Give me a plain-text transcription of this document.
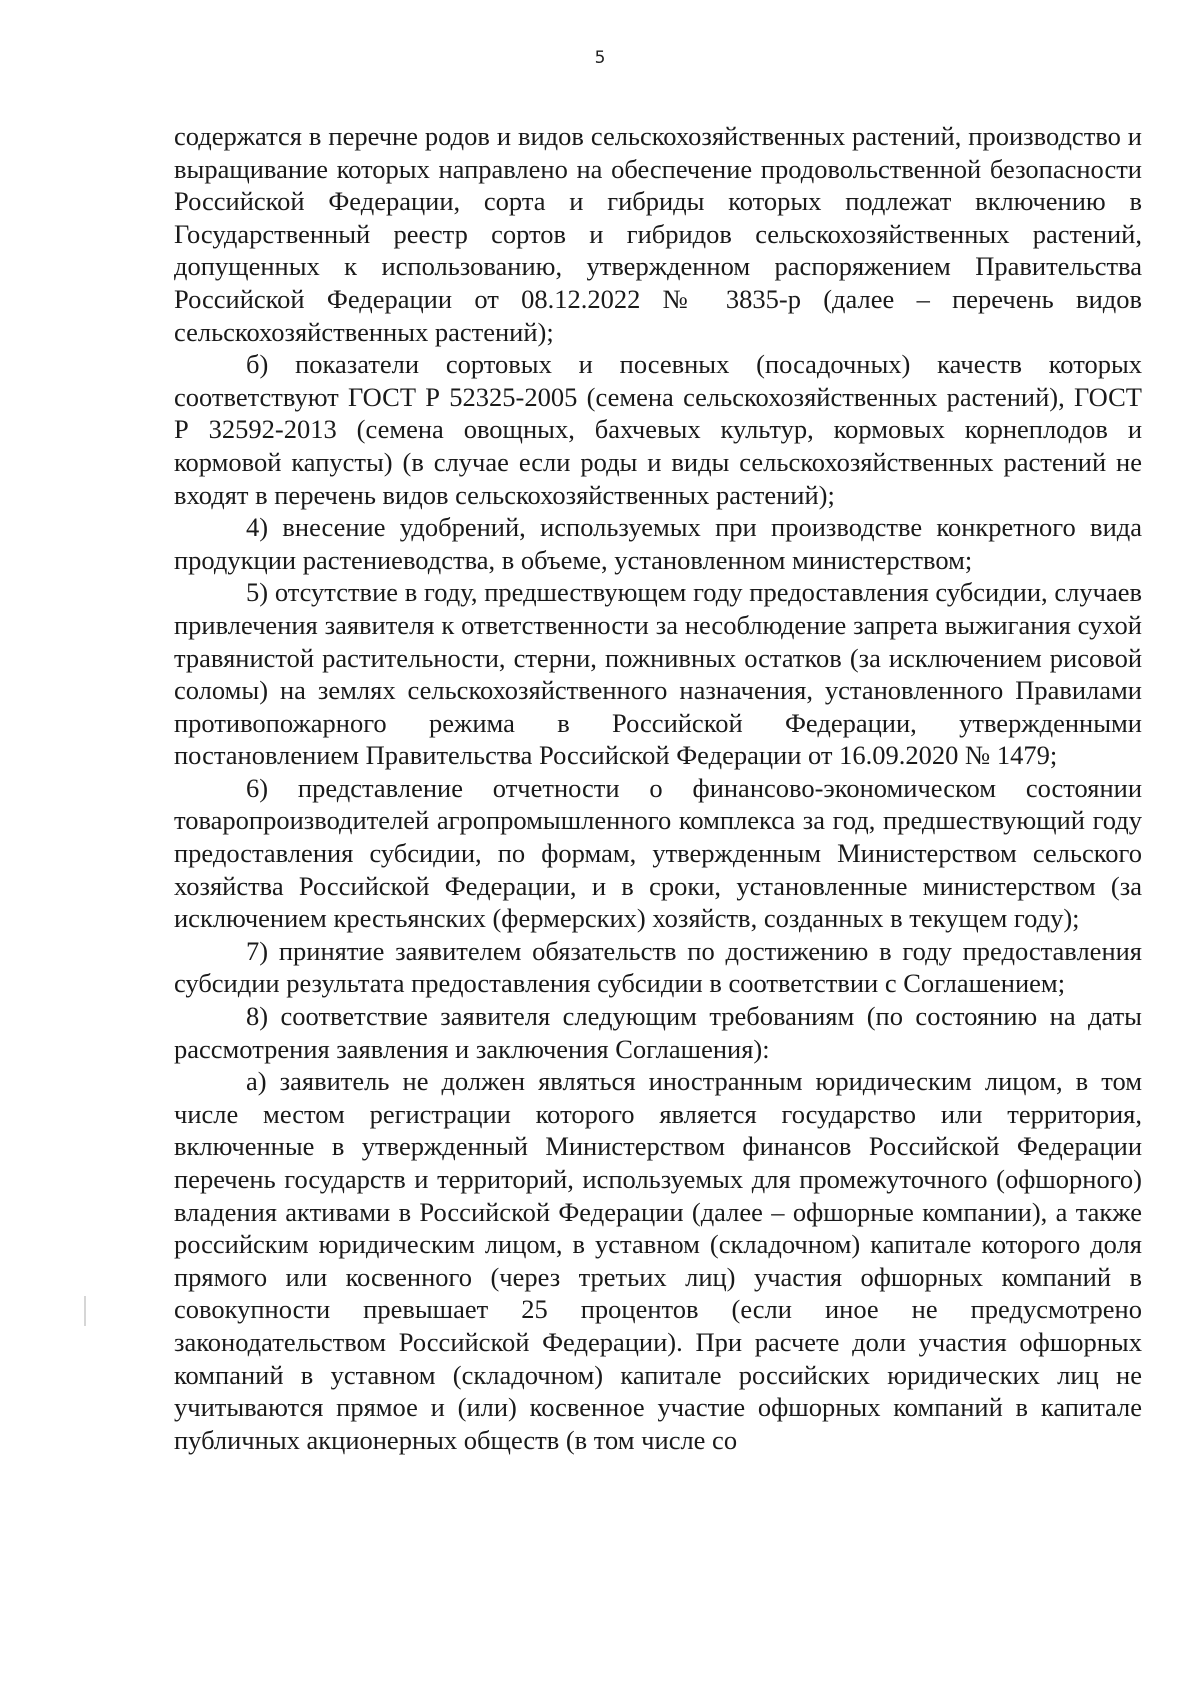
5

содержатся в перечне родов и видов сельскохозяйственных растений, производство и выращивание которых направлено на обеспечение продовольственной безопасности Российской Федерации, сорта и гибриды которых подлежат включению в Государственный реестр сортов и гибридов сельскохозяйственных растений, допущенных к использованию, утвержденном распоряжением Правительства Российской Федерации от 08.12.2022 № 3835-р (далее – перечень видов сельскохозяйственных растений);

б) показатели сортовых и посевных (посадочных) качеств которых соответствуют ГОСТ Р 52325-2005 (семена сельскохозяйственных растений), ГОСТ Р 32592-2013 (семена овощных, бахчевых культур, кормовых корнеплодов и кормовой капусты) (в случае если роды и виды сельскохозяйственных растений не входят в перечень видов сельскохозяйственных растений);

4) внесение удобрений, используемых при производстве конкретного вида продукции растениеводства, в объеме, установленном министерством;

5) отсутствие в году, предшествующем году предоставления субсидии, случаев привлечения заявителя к ответственности за несоблюдение запрета выжигания сухой травянистой растительности, стерни, пожнивных остатков (за исключением рисовой соломы) на землях сельскохозяйственного назначения, установленного Правилами противопожарного режима в Российской Федерации, утвержденными постановлением Правительства Российской Федерации от 16.09.2020 № 1479;

6) представление отчетности о финансово-экономическом состоянии товаропроизводителей агропромышленного комплекса за год, предшествующий году предоставления субсидии, по формам, утвержденным Министерством сельского хозяйства Российской Федерации, и в сроки, установленные министерством (за исключением крестьянских (фермерских) хозяйств, созданных в текущем году);

7) принятие заявителем обязательств по достижению в году предоставления субсидии результата предоставления субсидии в соответствии с Соглашением;

8) соответствие заявителя следующим требованиям (по состоянию на даты рассмотрения заявления и заключения Соглашения):

а) заявитель не должен являться иностранным юридическим лицом, в том числе местом регистрации которого является государство или территория, включенные в утвержденный Министерством финансов Российской Федерации перечень государств и территорий, используемых для промежуточного (офшорного) владения активами в Российской Федерации (далее – офшорные компании), а также российским юридическим лицом, в уставном (складочном) капитале которого доля прямого или косвенного (через третьих лиц) участия офшорных компаний в совокупности превышает 25 процентов (если иное не предусмотрено законодательством Российской Федерации). При расчете доли участия офшорных компаний в уставном (складочном) капитале российских юридических лиц не учитываются прямое и (или) косвенное участие офшорных компаний в капитале публичных акционерных обществ (в том числе со
